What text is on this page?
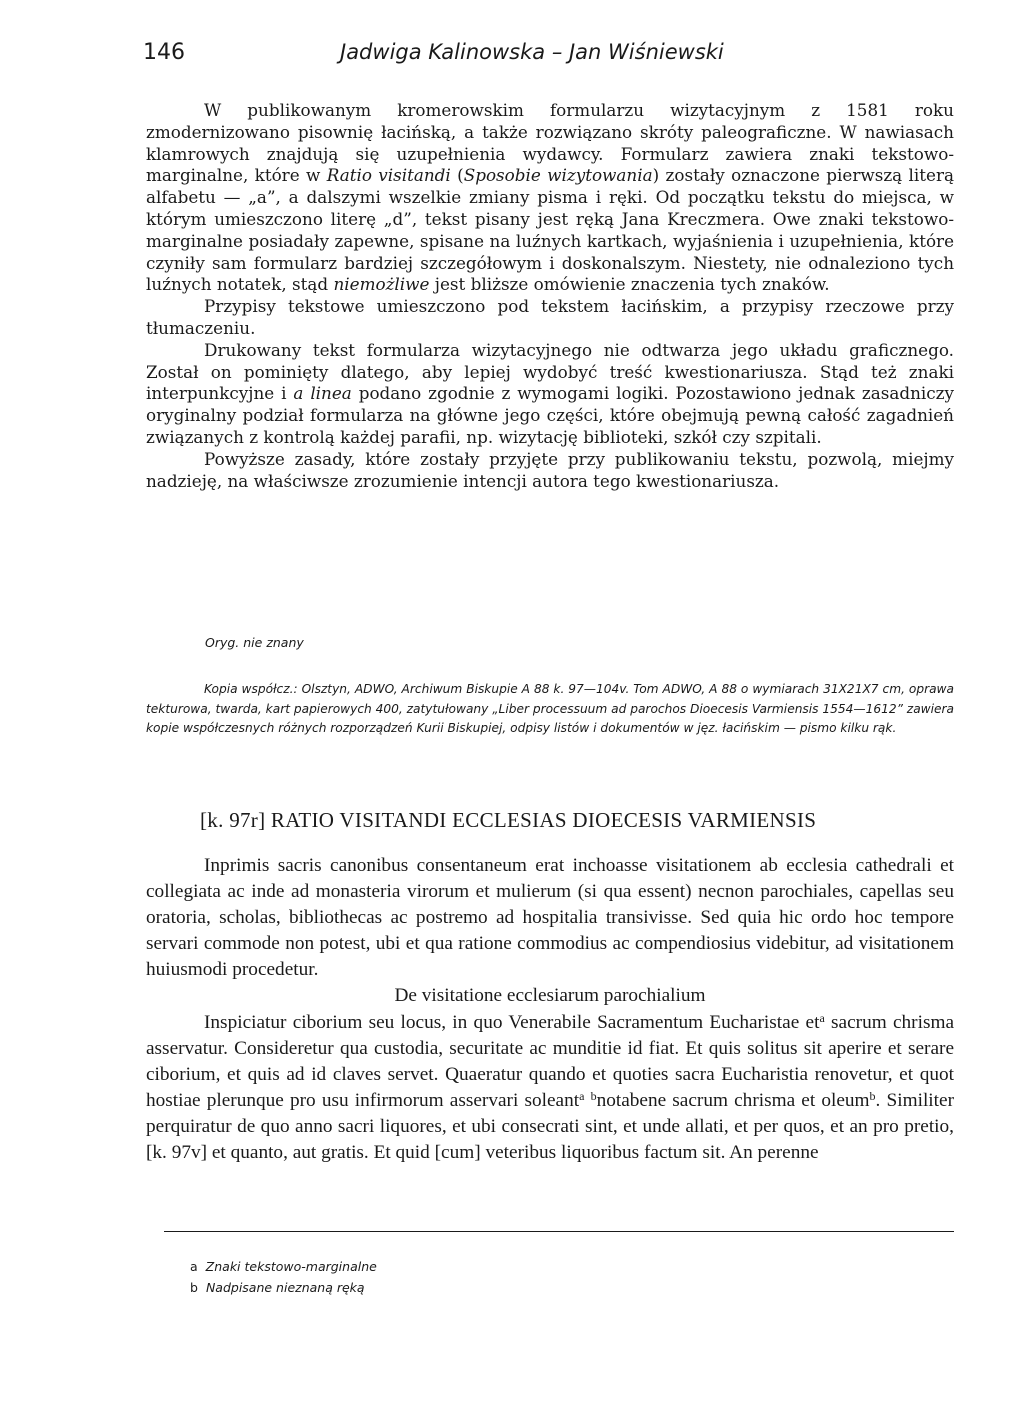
146	Jadwiga Kalinowska – Jan Wiśniewski

W publikowanym kromerowskim formularzu wizytacyjnym z 1581 roku zmodernizowano pisownię łacińską, a także rozwiązano skróty paleograficzne. W nawiasach klamrowych znajdują się uzupełnienia wydawcy. Formularz zawiera znaki tekstowo-marginalne, które w Ratio visitandi (Sposobie wizytowania) zostały oznaczone pierwszą literą alfabetu — „a”, a dalszymi wszelkie zmiany pisma i ręki. Od początku tekstu do miejsca, w którym umieszczono literę „d”, tekst pisany jest ręką Jana Kreczmera. Owe znaki tekstowo-marginalne posiadały zapewne, spisane na luźnych kartkach, wyjaśnienia i uzupełnienia, które czyniły sam formularz bardziej szczegółowym i doskonalszym. Niestety, nie odnaleziono tych luźnych notatek, stąd niemożliwe jest bliższe omówienie znaczenia tych znaków.

Przypisy tekstowe umieszczono pod tekstem łacińskim, a przypisy rzeczowe przy tłumaczeniu.

Drukowany tekst formularza wizytacyjnego nie odtwarza jego układu graficznego. Został on pominięty dlatego, aby lepiej wydobyć treść kwestionariusza. Stąd też znaki interpunkcyjne i a linea podano zgodnie z wymogami logiki. Pozostawiono jednak zasadniczy oryginalny podział formularza na główne jego części, które obejmują pewną całość zagadnień związanych z kontrolą każdej parafii, np. wizytację biblioteki, szkół czy szpitali.

Powyższe zasady, które zostały przyjęte przy publikowaniu tekstu, pozwolą, miejmy nadzieję, na właściwsze zrozumienie intencji autora tego kwestionariusza.

Oryg. nie znany
Kopia współcz.: Olsztyn, ADWO, Archiwum Biskupie A 88 k. 97—104v. Tom ADWO, A 88 o wymiarach 31X21X7 cm, oprawa tekturowa, twarda, kart papierowych 400, zatytułowany „Liber processuum ad parochos Dioecesis Varmiensis 1554—1612” zawiera kopie współczesnych różnych rozporządzeń Kurii Biskupiej, odpisy listów i dokumentów w jęz. łacińskim — pismo kilku rąk.
[k. 97r] RATIO VISITANDI ECCLESIAS DIOECESIS VARMIENSIS

Inprimis sacris canonibus consentaneum erat inchoasse visitationem ab ecclesia cathedrali et collegiata ac inde ad monasteria virorum et mulierum (si qua essent) necnon parochiales, capellas seu oratoria, scholas, bibliothecas ac postremo ad hospitalia transivisse. Sed quia hic ordo hoc tempore servari commode non potest, ubi et qua ratione commodius ac compendiosius videbitur, ad visitationem huiusmodi procedetur.

De visitatione ecclesiarum parochialium

Inspiciatur ciborium seu locus, in quo Venerabile Sacramentum Eucharistae $et^a$ sacrum chrisma asservatur. Consideretur qua custodia, securitate ac munditie id fiat. Et quis solitus sit aperire et serare ciborium, et quis ad id claves servet. Quaeratur quando et quoties sacra Eucharistia renovetur, et quot hostiae plerunque pro usu infirmorum asservari soleant$^a$ $^b$notabene sacrum chrisma et oleum$^b$. Similiter perquiratur de quo anno sacri liquores, et ubi consecrati sint, et unde allati, et per quos, et an pro pretio, [k. 97v] et quanto, aut gratis. Et quid [cum] veteribus liquoribus factum sit. An perenne

a Znaki tekstowo-marginalne
b Nadpisane nieznaną ręką
